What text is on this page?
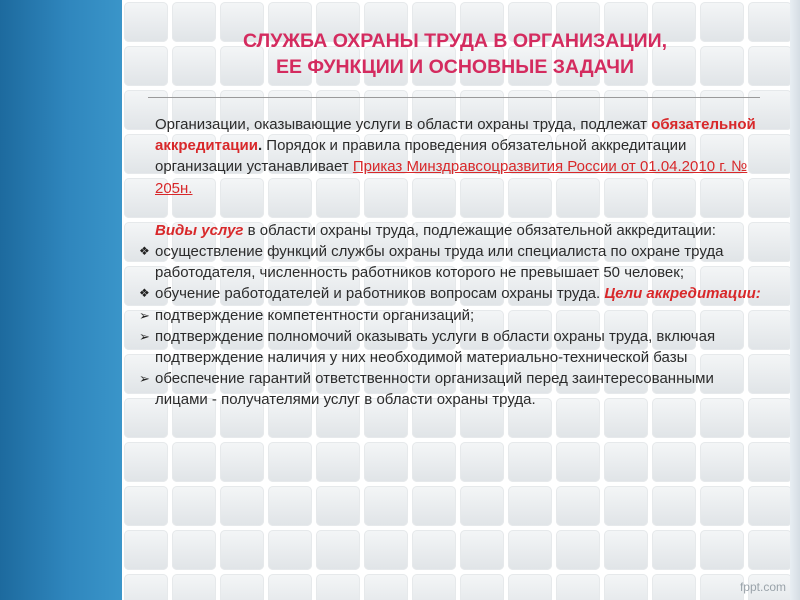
СЛУЖБА ОХРАНЫ ТРУДА В ОРГАНИЗАЦИИ,
ЕЕ ФУНКЦИИ И ОСНОВНЫЕ ЗАДАЧИ

Организации, оказывающие услуги в области охраны труда, подлежат обязательной аккредитации. Порядок и правила проведения обязательной аккредитации организации устанавливает Приказ Минздравсоцразвития России от 01.04.2010 г. № 205н.

Виды услуг в области охраны труда, подлежащие обязательной аккредитации:

❖ осуществление функций службы охраны труда или специалиста по охране труда работодателя, численность работников которого не превышает 50 человек;
❖ обучение работодателей и работников вопросам охраны труда. Цели аккредитации:
➢ подтверждение компетентности организаций;
➢ подтверждение полномочий оказывать услуги в области охраны труда, включая подтверждение наличия у них необходимой материально-технической базы
➢ обеспечение гарантий ответственности организаций перед заинтересованными лицами - получателями услуг в области охраны труда.
fppt.com
